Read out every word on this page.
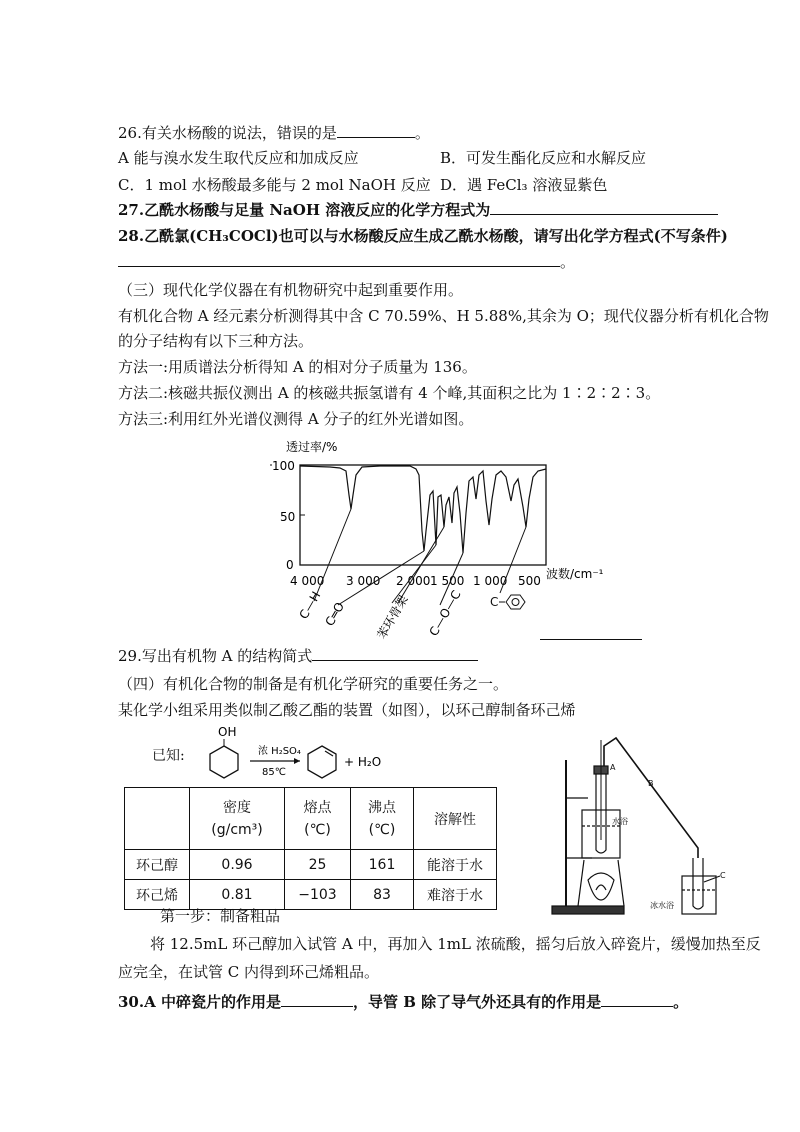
26.有关水杨酸的说法，错误的是	。
A 能与溴水发生取代反应和加成反应	B．可发生酯化反应和水解反应
C．1 mol 水杨酸最多能与 2 mol NaOH 反应 D．遇 FeCl₃ 溶液显紫色
27.乙酰水杨酸与足量 NaOH 溶液反应的化学方程式为
28.乙酰氯(CH₃COCl)也可以与水杨酸反应生成乙酰水杨酸，请写出化学方程式(不写条件)
。
（三）现代化学仪器在有机物研究中起到重要作用。
有机化合物 A 经元素分析测得其中含 C 70.59%、H 5.88%,其余为 O；现代仪器分析有机化合物
的分子结构有以下三种方法。
方法一:用质谱法分析得知 A 的相对分子质量为 136。
方法二:核磁共振仪测出 A 的核磁共振氢谱有 4 个峰,其面积之比为 1∶2∶2∶3。
方法三:利用红外光谱仪测得 A 分子的红外光谱如图。
透过率/%
100
50
0
4 000 3 000 2 000 1 500 1 000 500 波数/cm⁻¹
C—H C═O 苯环骨架 C—O—C C
29.写出有机物 A 的结构简式
（四）有机化合物的制备是有机化学研究的重要任务之一。
某化学小组采用类似制乙酸乙酯的装置（如图），以环己醇制备环己烯
已知:
OH
浓 H₂SO₄
85℃
+ H₂O
	密度
(g/cm³)	熔点
(℃)	沸点
(℃)	溶解性
环己醇	0.96	25	161	能溶于水
环己烯	0.81	−103	83	难溶于水
A
水浴
B
C
冰水浴
第一步：制备粗品
将 12.5mL 环己醇加入试管 A 中，再加入 1mL 浓硫酸，摇匀后放入碎瓷片，缓慢加热至反
应完全，在试管 C 内得到环己烯粗品。
30.A 中碎瓷片的作用是	，导管 B 除了导气外还具有的作用是	。
